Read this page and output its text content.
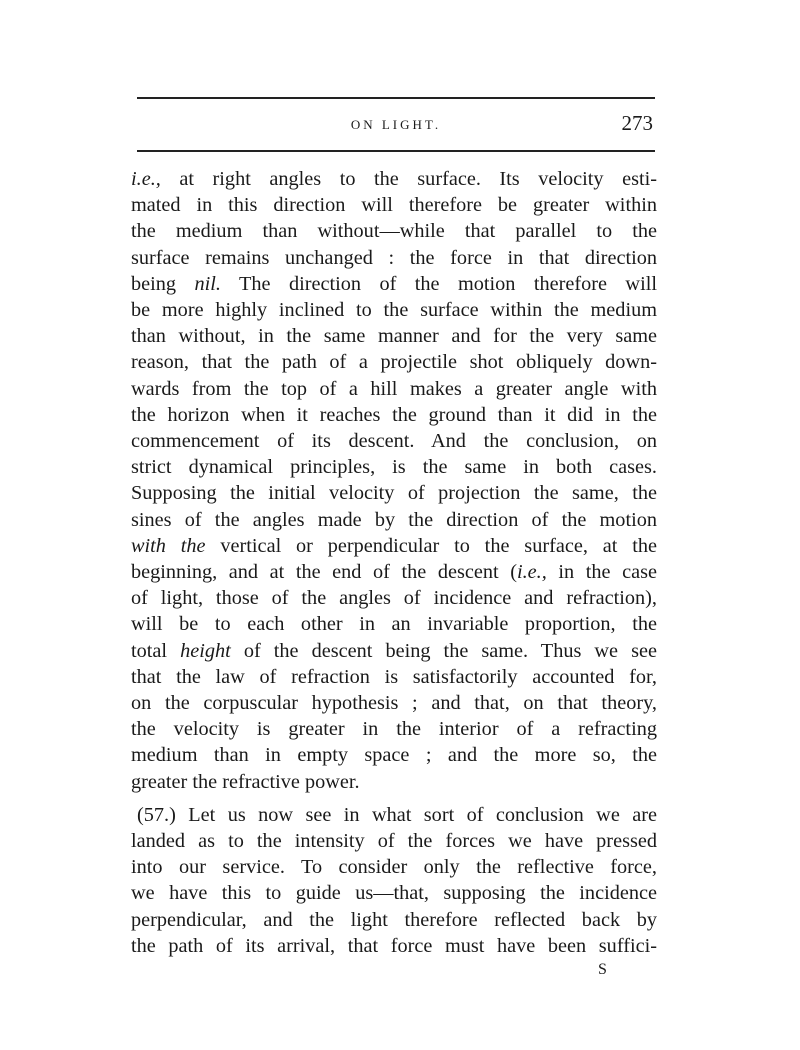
ON LIGHT.	273
i.e., at right angles to the surface. Its velocity esti-
mated in this direction will therefore be greater within
the medium than without—while that parallel to the
surface remains unchanged : the force in that direction
being nil. The direction of the motion therefore will
be more highly inclined to the surface within the medium
than without, in the same manner and for the very same
reason, that the path of a projectile shot obliquely down-
wards from the top of a hill makes a greater angle with
the horizon when it reaches the ground than it did in the
commencement of its descent. And the conclusion, on
strict dynamical principles, is the same in both cases.
Supposing the initial velocity of projection the same, the
sines of the angles made by the direction of the motion
with the vertical or perpendicular to the surface, at the
beginning, and at the end of the descent (i.e., in the case
of light, those of the angles of incidence and refraction),
will be to each other in an invariable proportion, the
total height of the descent being the same. Thus we see
that the law of refraction is satisfactorily accounted for,
on the corpuscular hypothesis ; and that, on that theory,
the velocity is greater in the interior of a refracting
medium than in empty space ; and the more so, the
greater the refractive power.
(57.) Let us now see in what sort of conclusion we are
landed as to the intensity of the forces we have pressed
into our service. To consider only the reflective force,
we have this to guide us—that, supposing the incidence
perpendicular, and the light therefore reflected back by
the path of its arrival, that force must have been suffici-
S
